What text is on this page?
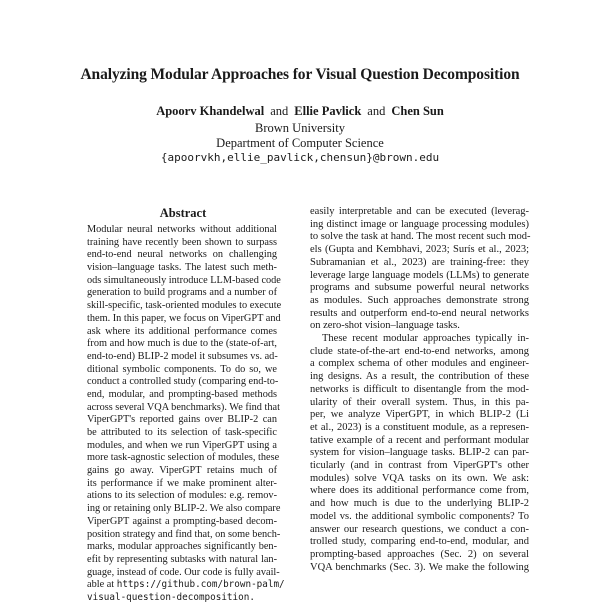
Analyzing Modular Approaches for Visual Question Decomposition
Apoorv Khandelwal and Ellie Pavlick and Chen Sun
Brown University
Department of Computer Science
{apoorvkh,ellie_pavlick,chensun}@brown.edu
Abstract
Modular neural networks without additional
training have recently been shown to surpass
end-to-end neural networks on challenging
vision–language tasks. The latest such meth-
ods simultaneously introduce LLM-based code
generation to build programs and a number of
skill-specific, task-oriented modules to execute
them. In this paper, we focus on ViperGPT and
ask where its additional performance comes
from and how much is due to the (state-of-art,
end-to-end) BLIP-2 model it subsumes vs. ad-
ditional symbolic components. To do so, we
conduct a controlled study (comparing end-to-
end, modular, and prompting-based methods
across several VQA benchmarks). We find that
ViperGPT's reported gains over BLIP-2 can
be attributed to its selection of task-specific
modules, and when we run ViperGPT using a
more task-agnostic selection of modules, these
gains go away. ViperGPT retains much of
its performance if we make prominent alter-
ations to its selection of modules: e.g. remov-
ing or retaining only BLIP-2. We also compare
ViperGPT against a prompting-based decom-
position strategy and find that, on some bench-
marks, modular approaches significantly ben-
efit by representing subtasks with natural lan-
guage, instead of code. Our code is fully avail-
able at https://github.com/brown-palm/
visual-question-decomposition.
easily interpretable and can be executed (leverag-
ing distinct image or language processing modules)
to solve the task at hand. The most recent such mod-
els (Gupta and Kembhavi, 2023; Surís et al., 2023;
Subramanian et al., 2023) are training-free: they
leverage large language models (LLMs) to generate
programs and subsume powerful neural networks
as modules. Such approaches demonstrate strong
results and outperform end-to-end neural networks
on zero-shot vision–language tasks.
These recent modular approaches typically in-
clude state-of-the-art end-to-end networks, among
a complex schema of other modules and engineer-
ing designs. As a result, the contribution of these
networks is difficult to disentangle from the mod-
ularity of their overall system. Thus, in this pa-
per, we analyze ViperGPT, in which BLIP-2 (Li
et al., 2023) is a constituent module, as a represen-
tative example of a recent and performant modular
system for vision–language tasks. BLIP-2 can par-
ticularly (and in contrast from ViperGPT's other
modules) solve VQA tasks on its own. We ask:
where does its additional performance come from,
and how much is due to the underlying BLIP-2
model vs. the additional symbolic components? To
answer our research questions, we conduct a con-
trolled study, comparing end-to-end, modular, and
prompting-based approaches (Sec. 2) on several
VQA benchmarks (Sec. 3). We make the following
